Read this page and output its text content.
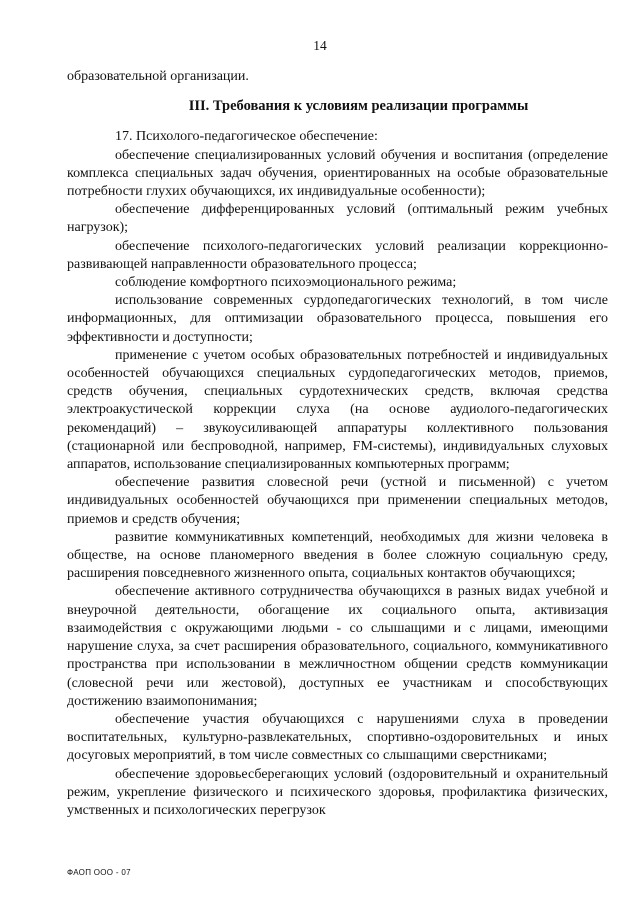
14

образовательной организации.

III. Требования к условиям реализации программы

17. Психолого-педагогическое обеспечение:

обеспечение специализированных условий обучения и воспитания (определение комплекса специальных задач обучения, ориентированных на особые образовательные потребности глухих обучающихся, их индивидуальные особенности);

обеспечение дифференцированных условий (оптимальный режим учебных нагрузок);

обеспечение психолого-педагогических условий реализации коррекционно-развивающей направленности образовательного процесса;

соблюдение комфортного психоэмоционального режима;

использование современных сурдопедагогических технологий, в том числе информационных, для оптимизации образовательного процесса, повышения его эффективности и доступности;

применение с учетом особых образовательных потребностей и индивидуальных особенностей обучающихся специальных сурдопедагогических методов, приемов, средств обучения, специальных сурдотехнических средств, включая средства электроакустической коррекции слуха (на основе аудиолого-педагогических рекомендаций) – звукоусиливающей аппаратуры коллективного пользования (стационарной или беспроводной, например, FM-системы), индивидуальных слуховых аппаратов, использование специализированных компьютерных программ;

обеспечение развития словесной речи (устной и письменной) с учетом индивидуальных особенностей обучающихся при применении специальных методов, приемов и средств обучения;

развитие коммуникативных компетенций, необходимых для жизни человека в обществе, на основе планомерного введения в более сложную социальную среду, расширения повседневного жизненного опыта, социальных контактов обучающихся;

обеспечение активного сотрудничества обучающихся в разных видах учебной и внеурочной деятельности, обогащение их социального опыта, активизация взаимодействия с окружающими людьми - со слышащими и с лицами, имеющими нарушение слуха, за счет расширения образовательного, социального, коммуникативного пространства при использовании в межличностном общении средств коммуникации (словесной речи или жестовой), доступных ее участникам и способствующих достижению взаимопонимания;

обеспечение участия обучающихся с нарушениями слуха в проведении воспитательных, культурно-развлекательных, спортивно-оздоровительных и иных досуговых мероприятий, в том числе совместных со слышащими сверстниками;

обеспечение здоровьесберегающих условий (оздоровительный и охранительный режим, укрепление физического и психического здоровья, профилактика физических, умственных и психологических перегрузок

ФАОП ООО - 07
